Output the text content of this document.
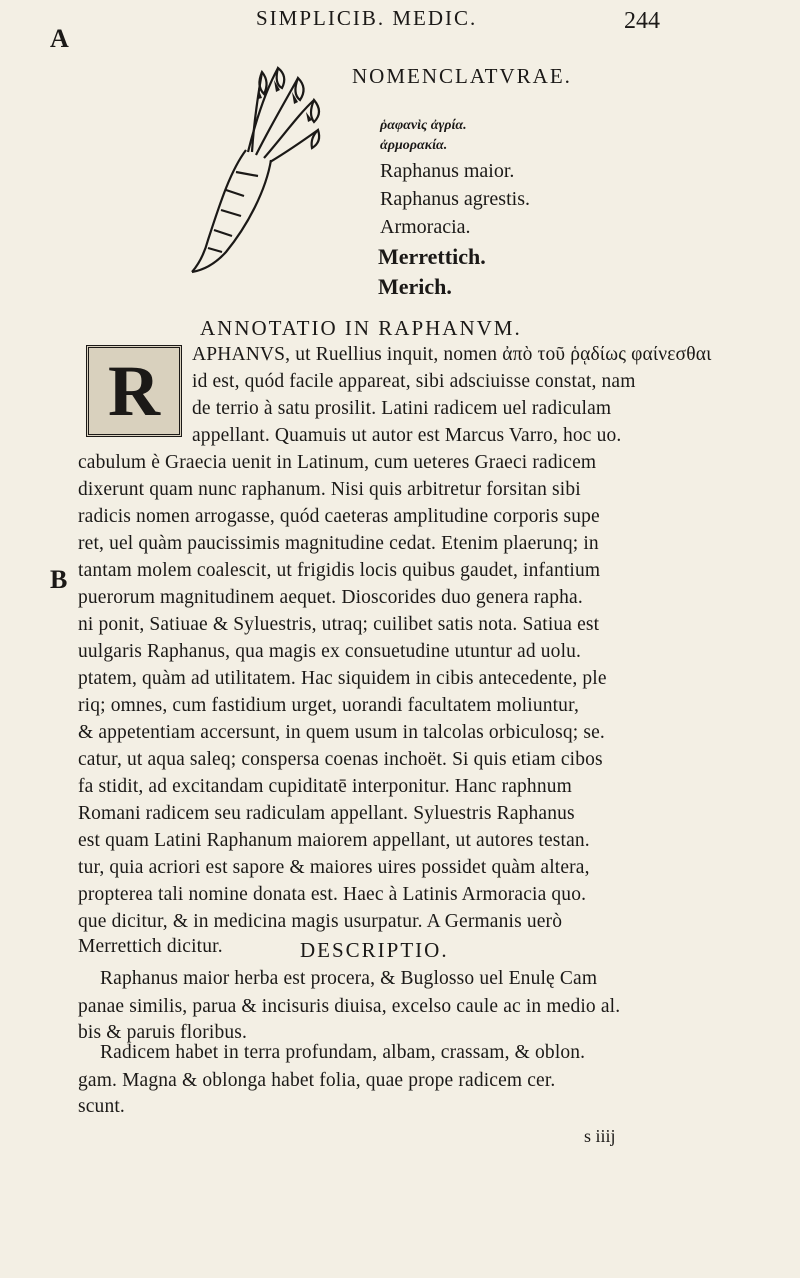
SIMPLICIB. MEDIC.	244
A
NOMENCLATVRAE.
ῥαφανὶς ἀγρία.
ἀρμορακία.
Raphanus maior.
Raphanus agrestis.
Armoracia.
Merrettich.
Merich.
ANNOTATIO IN RAPHANVM.
R	APHANVS, ut Ruellius inquit, nomen ἀπὸ τοῦ ῥᾳδίως φαίνεσθαι
id est, quód facile appareat, sibi adsciuisse constat, nam
de terrio à satu prosilit. Latini radicem uel radiculam
appellant. Quamuis ut autor est Marcus Varro, hoc uo.
cabulum è Graecia uenit in Latinum, cum ueteres Graeci radicem
dixerunt quam nunc raphanum. Nisi quis arbitretur forsitan sibi
radicis nomen arrogasse, quód caeteras amplitudine corporis supe
ret, uel quàm paucissimis magnitudine cedat. Etenim plaerunq; in
B tantam molem coalescit, ut frigidis locis quibus gaudet, infantium
puerorum magnitudinem aequet. Dioscorides duo genera rapha.
ni ponit, Satiuae & Syluestris, utraq; cuilibet satis nota. Satiua est
uulgaris Raphanus, qua magis ex consuetudine utuntur ad uolu.
ptatem, quàm ad utilitatem. Hac siquidem in cibis antecedente, ple
riq; omnes, cum fastidium urget, uorandi facultatem moliuntur,
& appetentiam accersunt, in quem usum in talcolas orbiculosq; se.
catur, ut aqua saleq; conspersa coenas inchoët. Si quis etiam cibos
fa stidit, ad excitandam cupiditatē interponitur. Hanc raphnum
Romani radicem seu radiculam appellant. Syluestris Raphanus
est quam Latini Raphanum maiorem appellant, ut autores testan.
tur, quia acriori est sapore & maiores uires possidet quàm altera,
propterea tali nomine donata est. Haec à Latinis Armoracia quo.
que dicitur, & in medicina magis usurpatur. A Germanis uerò
Merrettich dicitur.	DESCRIPTIO.
Raphanus maior herba est procera, & Buglosso uel Enulę Cam
panae similis, parua & incisuris diuisa, excelso caule ac in medio al.
bis & paruis floribus.
Radicem habet in terra profundam, albam, crassam, & oblon.
gam. Magna & oblonga habet folia, quae prope radicem cer.
scunt.
s iiij
